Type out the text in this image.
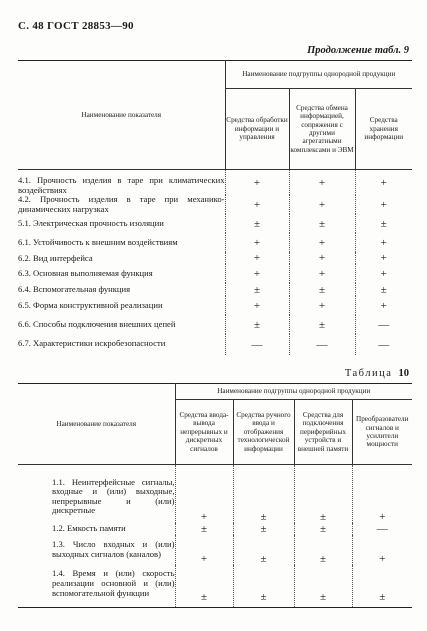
С. 48 ГОСТ 28853—90
Продолжение табл. 9
Наименование показателя	Наименование подгруппы однородной продукции		
	Средства обработки информации и управления	Средства обмена информацией, сопряжения с другими агрегатными комплексами и ЭВМ	Средства хранения информации
4.1. Прочность изделия в таре при климатических воздействиях	+	+	+
4.2. Прочность изделия в таре при механико-динамических нагрузках	+	+	+
5.1. Электрическая прочность изоляции	±	±	±
6.1. Устойчивость к внешним воздействиям	+	+	+
6.2. Вид интерфейса	+	+	+
6.3. Основная выполняемая функция	+	+	+
6.4. Вспомогательная функция	±	±	±
6.5. Форма конструктивной реализации	+	+	+
6.6. Способы подключения внешних цепей	±	±	—
6.7. Характеристики искробезопасности	—	—	—
Таблица 10
Наименование показателя	Наименование подгруппы однородной продукции			
	Средства ввода-вывода непрерывных и дискретных сигналов	Средства ручного ввода и отображения технологической информации	Средства для подключения периферийных устройств и внешней памяти	Преобразователи сигналов и усилители мощности
1.1. Неинтерфейсные сигналы, входные и (или) выходные, непрерывные и (или) дискретные	+	±	±	+
1.2. Емкость памяти	±	±	±	—
1.3. Число входных и (или) выходных сигналов (каналов)	+	±	±	+
1.4. Время и (или) скорость реализации основной и (или) вспомогательной функции	±	±	±	±
